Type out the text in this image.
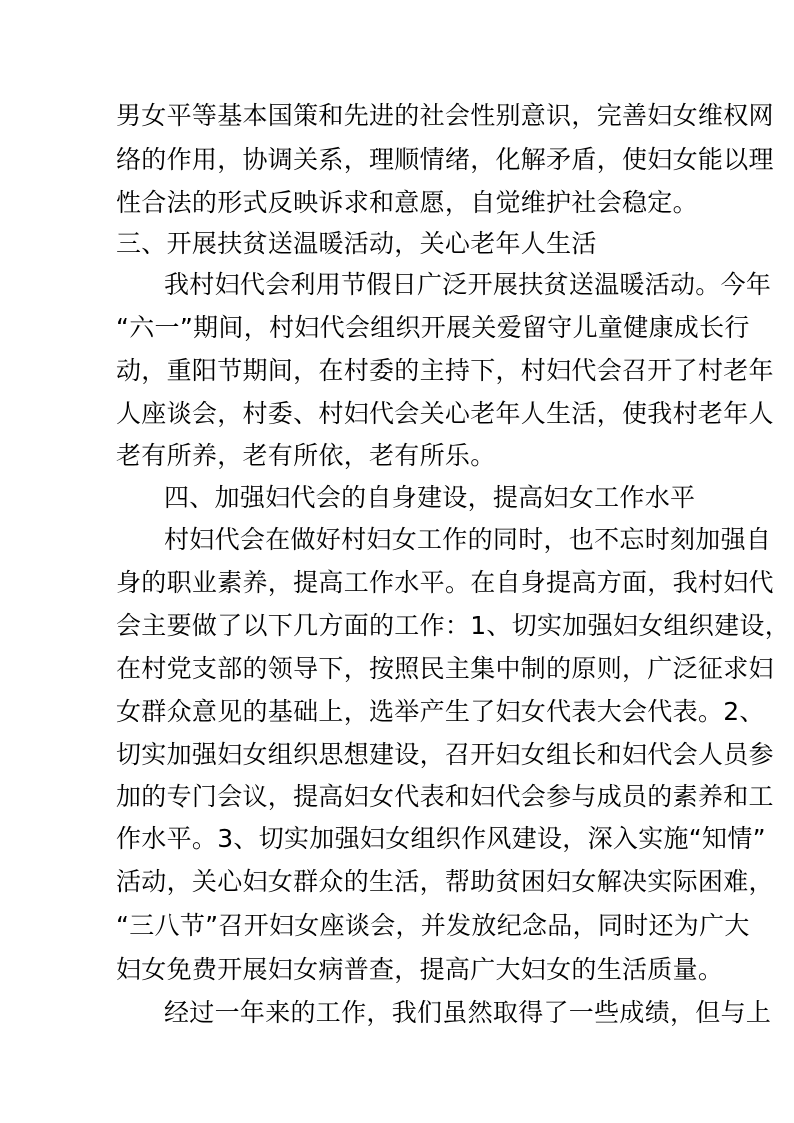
男女平等基本国策和先进的社会性别意识，完善妇女维权网
络的作用，协调关系，理顺情绪，化解矛盾，使妇女能以理
性合法的形式反映诉求和意愿，自觉维护社会稳定。
三、开展扶贫送温暖活动，关心老年人生活
我村妇代会利用节假日广泛开展扶贫送温暖活动。今年
“六一”期间，村妇代会组织开展关爱留守儿童健康成长行
动，重阳节期间，在村委的主持下，村妇代会召开了村老年
人座谈会，村委、村妇代会关心老年人生活，使我村老年人
老有所养，老有所依，老有所乐。
四、加强妇代会的自身建设，提高妇女工作水平
村妇代会在做好村妇女工作的同时，也不忘时刻加强自
身的职业素养，提高工作水平。在自身提高方面，我村妇代
会主要做了以下几方面的工作：1、切实加强妇女组织建设，
在村党支部的领导下，按照民主集中制的原则，广泛征求妇
女群众意见的基础上，选举产生了妇女代表大会代表。2、
切实加强妇女组织思想建设，召开妇女组长和妇代会人员参
加的专门会议，提高妇女代表和妇代会参与成员的素养和工
作水平。3、切实加强妇女组织作风建设，深入实施“知情”
活动，关心妇女群众的生活，帮助贫困妇女解决实际困难，
“三八节”召开妇女座谈会，并发放纪念品，同时还为广大
妇女免费开展妇女病普查，提高广大妇女的生活质量。
经过一年来的工作，我们虽然取得了一些成绩，但与上
